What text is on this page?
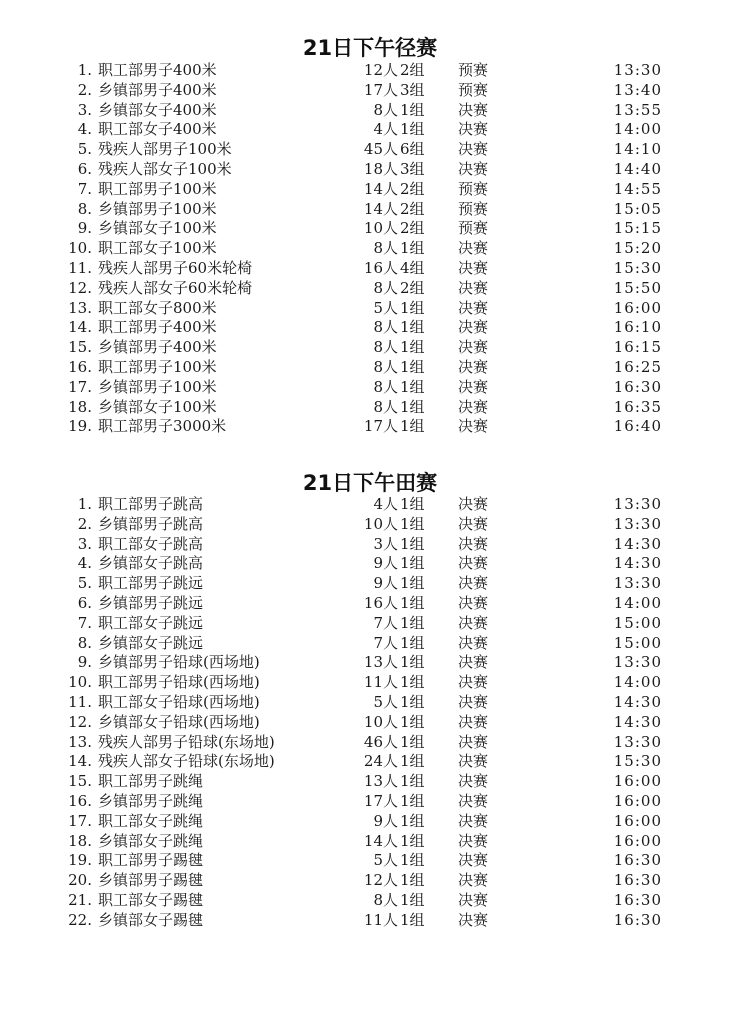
21日下午径赛
1. 职工部男子400米	12人 2组 预赛	13:30
2. 乡镇部男子400米	17人 3组 预赛	13:40
3. 乡镇部女子400米	8人 1组 决赛	13:55
4. 职工部女子400米	4人 1组 决赛	14:00
5. 残疾人部男子100米	45人 6组 决赛	14:10
6. 残疾人部女子100米	18人 3组 决赛	14:40
7. 职工部男子100米	14人 2组 预赛	14:55
8. 乡镇部男子100米	14人 2组 预赛	15:05
9. 乡镇部女子100米	10人 2组 预赛	15:15
10. 职工部女子100米	8人 1组 决赛	15:20
11. 残疾人部男子60米轮椅	16人 4组 决赛	15:30
12. 残疾人部女子60米轮椅	8人 2组 决赛	15:50
13. 职工部女子800米	5人 1组 决赛	16:00
14. 职工部男子400米	8人 1组 决赛	16:10
15. 乡镇部男子400米	8人 1组 决赛	16:15
16. 职工部男子100米	8人 1组 决赛	16:25
17. 乡镇部男子100米	8人 1组 决赛	16:30
18. 乡镇部女子100米	8人 1组 决赛	16:35
19. 职工部男子3000米	17人 1组 决赛	16:40
21日下午田赛
1. 职工部男子跳高	4人 1组 决赛	13:30
2. 乡镇部男子跳高	10人 1组 决赛	13:30
3. 职工部女子跳高	3人 1组 决赛	14:30
4. 乡镇部女子跳高	9人 1组 决赛	14:30
5. 职工部男子跳远	9人 1组 决赛	13:30
6. 乡镇部男子跳远	16人 1组 决赛	14:00
7. 职工部女子跳远	7人 1组 决赛	15:00
8. 乡镇部女子跳远	7人 1组 决赛	15:00
9. 乡镇部男子铅球(西场地)	13人 1组 决赛	13:30
10. 职工部男子铅球(西场地)	11人 1组 决赛	14:00
11. 职工部女子铅球(西场地)	5人 1组 决赛	14:30
12. 乡镇部女子铅球(西场地)	10人 1组 决赛	14:30
13. 残疾人部男子铅球(东场地)	46人 1组 决赛	13:30
14. 残疾人部女子铅球(东场地)	24人 1组 决赛	15:30
15. 职工部男子跳绳	13人 1组 决赛	16:00
16. 乡镇部男子跳绳	17人 1组 决赛	16:00
17. 职工部女子跳绳	9人 1组 决赛	16:00
18. 乡镇部女子跳绳	14人 1组 决赛	16:00
19. 职工部男子踢毽	5人 1组 决赛	16:30
20. 乡镇部男子踢毽	12人 1组 决赛	16:30
21. 职工部女子踢毽	8人 1组 决赛	16:30
22. 乡镇部女子踢毽	11人 1组 决赛	16:30
